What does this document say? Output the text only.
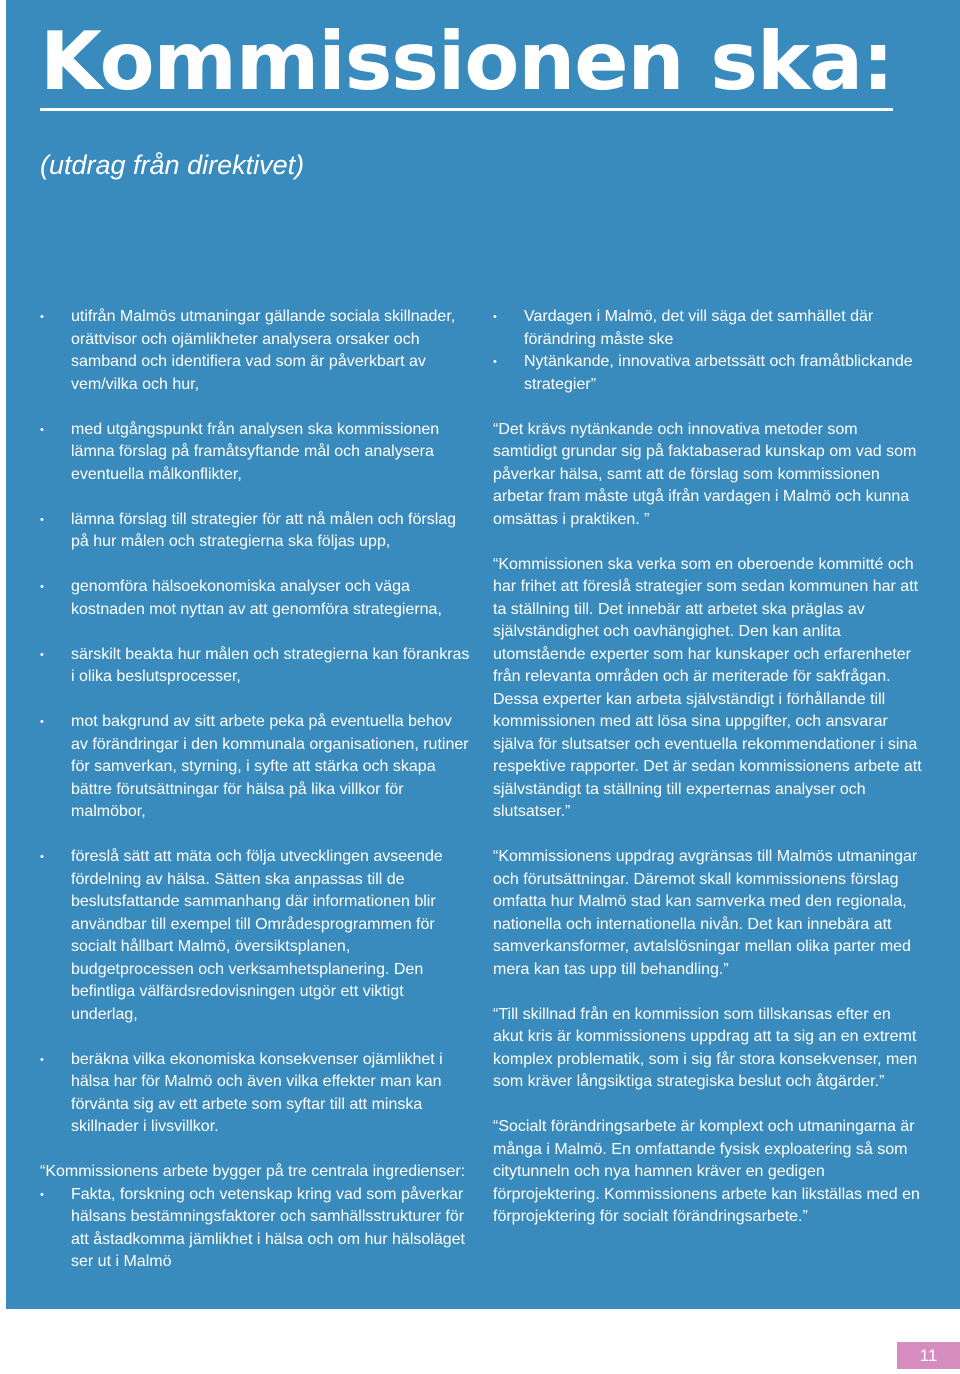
Kommissionen ska:

(utdrag från direktivet)

• utifrån Malmös utmaningar gällande sociala skillnader, orättvisor och ojämlikheter analysera orsaker och samband och identifiera vad som är påverkbart av vem/vilka och hur,
• med utgångspunkt från analysen ska kommissionen lämna förslag på framåtsyftande mål och analysera eventuella målkonflikter,
• lämna förslag till strategier för att nå målen och förslag på hur målen och strategierna ska följas upp,
• genomföra hälsoekonomiska analyser och väga kostnaden mot nyttan av att genomföra strategierna,
• särskilt beakta hur målen och strategierna kan förankras i olika beslutsprocesser,
• mot bakgrund av sitt arbete peka på eventuella behov av förändringar i den kommunala organisationen, rutiner för samverkan, styrning, i syfte att stärka och skapa bättre förutsättningar för hälsa på lika villkor för malmöbor,
• föreslå sätt att mäta och följa utvecklingen avseende fördelning av hälsa. Sätten ska anpassas till de beslutsfattande sammanhang där informationen blir användbar till exempel till Områdesprogrammen för socialt hållbart Malmö, översiktsplanen, budgetprocessen och verksamhetsplanering. Den befintliga välfärdsredovisningen utgör ett viktigt underlag,
• beräkna vilka ekonomiska konsekvenser ojämlikhet i hälsa har för Malmö och även vilka effekter man kan förvänta sig av ett arbete som syftar till att minska skillnader i livsvillkor.

“Kommissionens arbete bygger på tre centrala ingredienser:

• Fakta, forskning och vetenskap kring vad som påverkar hälsans bestämningsfaktorer och samhällsstrukturer för att åstadkomma jämlikhet i hälsa och om hur hälsoläget ser ut i Malmö
• Vardagen i Malmö, det vill säga det samhället där förändring måste ske
• Nytänkande, innovativa arbetssätt och framåtblickande strategier”

“Det krävs nytänkande och innovativa metoder som samtidigt grundar sig på faktabaserad kunskap om vad som påverkar hälsa, samt att de förslag som kommissionen arbetar fram måste utgå ifrån vardagen i Malmö och kunna omsättas i praktiken. ”

“Kommissionen ska verka som en oberoende kommitté och har frihet att föreslå strategier som sedan kommunen har att ta ställning till. Det innebär att arbetet ska präglas av självständighet och oavhängighet. Den kan anlita utomstående experter som har kunskaper och erfarenheter från relevanta områden och är meriterade för sakfrågan. Dessa experter kan arbeta självständigt i förhållande till kommissionen med att lösa sina uppgifter, och ansvarar själva för slutsatser och eventuella rekommendationer i sina respektive rapporter. Det är sedan kommissionens arbete att självständigt ta ställning till experternas analyser och slutsatser.”

“Kommissionens uppdrag avgränsas till Malmös utmaningar och förutsättningar. Däremot skall kommissionens förslag omfatta hur Malmö stad kan samverka med den regionala, nationella och internationella nivån. Det kan innebära att samverkansformer, avtalslösningar mellan olika parter med mera kan tas upp till behandling.”

“Till skillnad från en kommission som tillskansas efter en akut kris är kommissionens uppdrag att ta sig an en extremt komplex problematik, som i sig får stora konsekvenser, men som kräver långsiktiga strategiska beslut och åtgärder.”

“Socialt förändringsarbete är komplext och utmaningarna är många i Malmö. En omfattande fysisk exploatering så som citytunneln och nya hamnen kräver en gedigen förprojektering. Kommissionens arbete kan likställas med en förprojektering för socialt förändringsarbete.”

11
